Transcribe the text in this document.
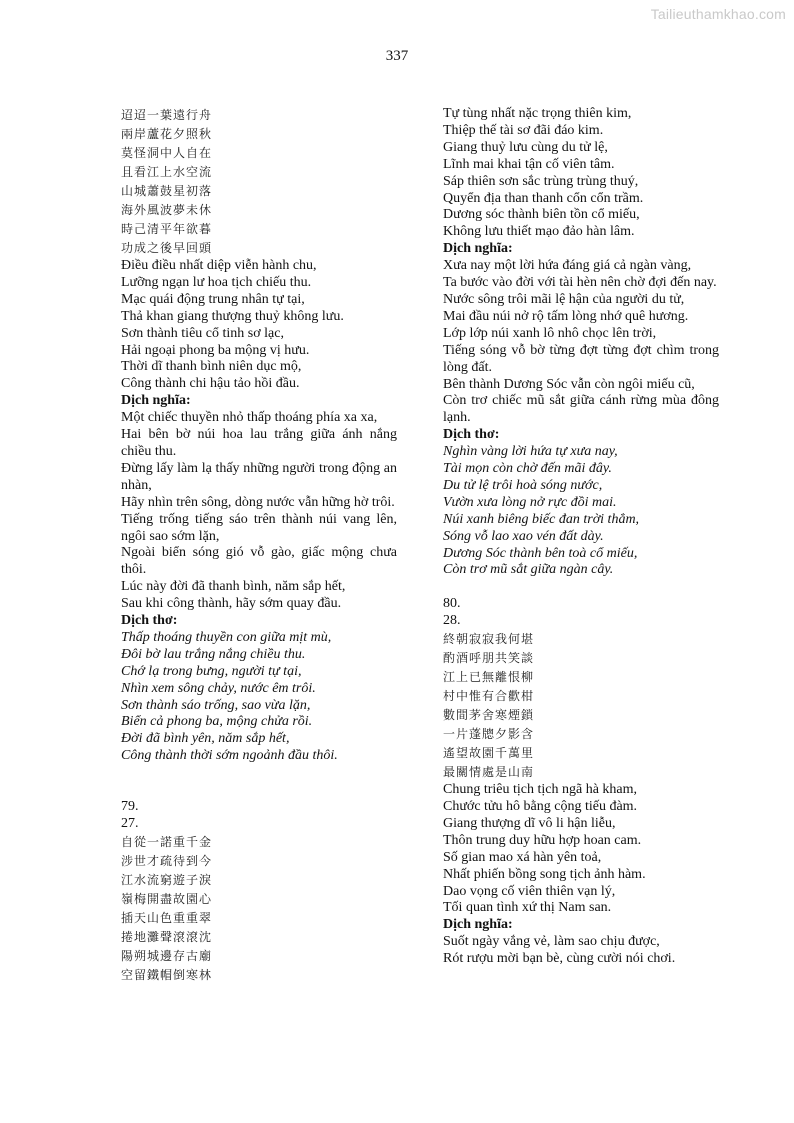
Tailieuthamkhao.com
337
迢迢一葉遠行舟
兩岸蘆花夕照秋
莫怪洞中人自在
且看江上水空流
山城蕭鼓星初落
海外風波夢未休
時己清平年欲暮
功成之後早回頭
Điều điều nhất diệp viễn hành chu,
Lưỡng ngạn lư hoa tịch chiếu thu.
Mạc quái động trung nhân tự tại,
Thả khan giang thượng thuỷ không lưu.
Sơn thành tiêu cổ tinh sơ lạc,
Hải ngoại phong ba mộng vị hưu.
Thời dĩ thanh bình niên dục mộ,
Công thành chi hậu tảo hồi đầu.
Dịch nghĩa:
Một chiếc thuyền nhỏ thấp thoáng phía xa xa,
Hai bên bờ núi hoa lau trắng giữa ánh nắng chiều thu.
Đừng lấy làm lạ thấy những người trong động an nhàn,
Hãy nhìn trên sông, dòng nước vẫn hững hờ trôi.
Tiếng trống tiếng sáo trên thành núi vang lên, ngôi sao sớm lặn,
Ngoài biển sóng gió vỗ gào, giấc mộng chưa thôi.
Lúc này đời đã thanh bình, năm sắp hết,
Sau khi công thành, hãy sớm quay đầu.
Dịch thơ:
Thấp thoáng thuyền con giữa mịt mù,
Đôi bờ lau trắng nắng chiều thu.
Chớ lạ trong bưng, người tự tại,
Nhìn xem sông chảy, nước êm trôi.
Sơn thành sáo trống, sao vừa lặn,
Biển cả phong ba, mộng chửa rồi.
Đời đã bình yên, năm sắp hết,
Công thành thời sớm ngoảnh đầu thôi.
79.
27.
自從一諾重千金
涉世才疏待到今
江水流窮遊子淚
嶺梅開盡故園心
插天山色重重翠
捲地灘聲滾滾沈
陽朔城邊存古廟
空留鐵帽倒寒林
Tự tùng nhất nặc trọng thiên kim,
Thiệp thế tài sơ đãi đáo kim.
Giang thuỷ lưu cùng du tử lệ,
Lĩnh mai khai tận cố viên tâm.
Sáp thiên sơn sắc trùng trùng thuý,
Quyển địa than thanh cổn cổn trầm.
Dương sóc thành biên tồn cổ miếu,
Không lưu thiết mạo đảo hàn lâm.
Dịch nghĩa:
Xưa nay một lời hứa đáng giá cả ngàn vàng,
Ta bước vào đời với tài hèn nên chờ đợi đến nay.
Nước sông trôi mãi lệ hận của người du tử,
Mai đầu núi nở rộ tấm lòng nhớ quê hương.
Lớp lớp núi xanh lô nhô chọc lên trời,
Tiếng sóng vỗ bờ từng đợt từng đợt chìm trong lòng đất.
Bên thành Dương Sóc vẫn còn ngôi miếu cũ,
Còn trơ chiếc mũ sắt giữa cánh rừng mùa đông lạnh.
Dịch thơ:
Nghìn vàng lời hứa tự xưa nay,
Tài mọn còn chờ đến mãi đây.
Du tử lệ trôi hoà sóng nước,
Vườn xưa lòng nở rực đồi mai.
Núi xanh biêng biếc đan trời thẳm,
Sóng vỗ lao xao vén đất dày.
Dương Sóc thành bên toà cổ miếu,
Còn trơ mũ sắt giữa ngàn cây.
80.
28.
終朝寂寂我何堪
酌酒呼朋共笑談
江上已無離恨柳
村中惟有合歡柑
數間茅舍寒煙鎖
一片蓬牕夕影含
遙望故園千萬里
最關情處是山南
Chung triêu tịch tịch ngã hà kham,
Chước tửu hô bằng cộng tiếu đàm.
Giang thượng dĩ vô li hận liễu,
Thôn trung duy hữu hợp hoan cam.
Số gian mao xá hàn yên toả,
Nhất phiến bồng song tịch ảnh hàm.
Dao vọng cố viên thiên vạn lý,
Tối quan tình xứ thị Nam san.
Dịch nghĩa:
Suốt ngày vắng vẻ, làm sao chịu được,
Rót rượu mời bạn bè, cùng cười nói chơi.
